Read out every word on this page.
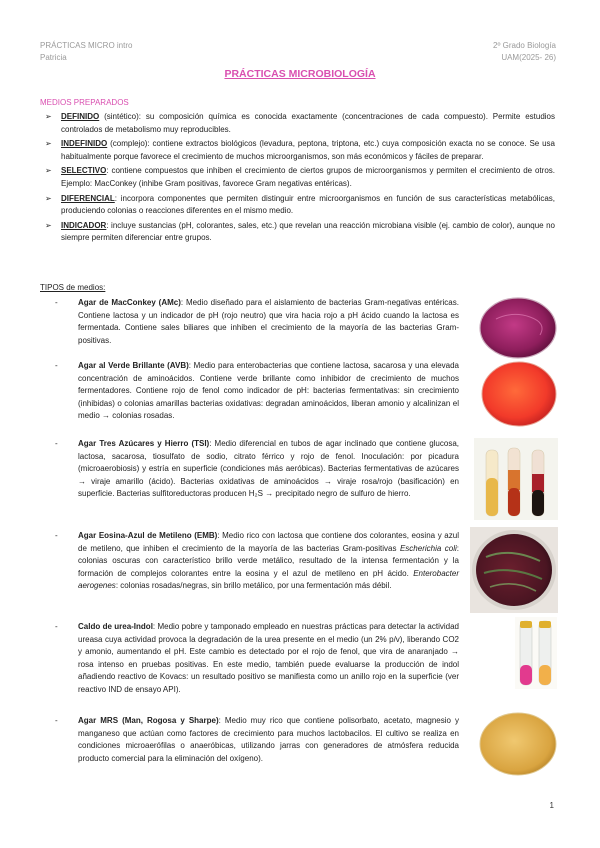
PRÁCTICAS MICRO intro
Patricia
2º Grado Biología
UAM(2025- 26)
PRÁCTICAS MICROBIOLOGÍA
MEDIOS PREPARADOS
➢ DEFINIDO (sintético): su composición química es conocida exactamente (concentraciones de cada compuesto). Permite estudios controlados de metabolismo muy reproducibles.
➢ INDEFINIDO (complejo): contiene extractos biológicos (levadura, peptona, triptona, etc.) cuya composición exacta no se conoce. Se usa habitualmente porque favorece el crecimiento de muchos microorganismos, son más económicos y fáciles de preparar.
➢ SELECTIVO: contiene compuestos que inhiben el crecimiento de ciertos grupos de microorganismos y permiten el crecimiento de otros. Ejemplo: MacConkey (inhibe Gram positivas, favorece Gram negativas entéricas).
➢ DIFERENCIAL: incorpora componentes que permiten distinguir entre microorganismos en función de sus características metabólicas, produciendo colonias o reacciones diferentes en el mismo medio.
➢ INDICADOR: incluye sustancias (pH, colorantes, sales, etc.) que revelan una reacción microbiana visible (ej. cambio de color), aunque no siempre permiten diferenciar entre grupos.
TIPOS de medios:
-	Agar de MacConkey (AMc): Medio diseñado para el aislamiento de bacterias Gram-negativas entéricas. Contiene lactosa y un indicador de pH (rojo neutro) que vira hacia rojo a pH ácido cuando la lactosa es fermentada. Contiene sales biliares que inhiben el crecimiento de la mayoría de las bacterias Gram- positivas.
-	Agar al Verde Brillante (AVB): Medio para enterobacterias que contiene lactosa, sacarosa y una elevada concentración de aminoácidos. Contiene verde brillante como inhibidor de crecimiento de muchos fermentadores. Contiene rojo de fenol como indicador de pH: bacterias fermentativas: sin crecimiento (inhibidas) o colonias amarillas bacterias oxidativas: degradan aminoácidos, liberan amonio y alcalinizan el medio → colonias rosadas.
-	Agar Tres Azúcares y Hierro (TSI): Medio diferencial en tubos de agar inclinado que contiene glucosa, lactosa, sacarosa, tiosulfato de sodio, citrato férrico y rojo de fenol. Inoculación: por picadura (microaerobiosis) y estría en superficie (condiciones más aeróbicas). Bacterias fermentativas de azúcares → viraje amarillo (ácido). Bacterias oxidativas de aminoácidos → viraje rosa/rojo (basificación) en superficie. Bacterias sulfitoreductoras producen H₂S → precipitado negro de sulfuro de hierro.
-	Agar Eosina-Azul de Metileno (EMB): Medio rico con lactosa que contiene dos colorantes, eosina y azul de metileno, que inhiben el crecimiento de la mayoría de las bacterias Gram-positivas Escherichia coli: colonias oscuras con característico brillo verde metálico, resultado de la intensa fermentación y la formación de complejos colorantes entre la eosina y el azul de metileno en pH ácido. Enterobacter aerogenes: colonias rosadas/negras, sin brillo metálico, por una fermentación más débil.
-	Caldo de urea-Indol: Medio pobre y tamponado empleado en nuestras prácticas para detectar la actividad ureasa cuya actividad provoca la degradación de la urea presente en el medio (un 2% p/v), liberando CO2 y amonio, aumentando el pH. Este cambio es detectado por el rojo de fenol, que vira de anaranjado → rosa intenso en pruebas positivas. En este medio, también puede evaluarse la producción de indol añadiendo reactivo de Kovacs: un resultado positivo se manifiesta como un anillo rojo en la superficie (ver reactivo IND de ensayo API).
-	Agar MRS (Man, Rogosa y Sharpe): Medio muy rico que contiene polisorbato, acetato, magnesio y manganeso que actúan como factores de crecimiento para muchos lactobacilos. El cultivo se realiza en condiciones microaerófilas o anaeróbicas, utilizando jarras con generadores de atmósfera reducida producto comercial para la eliminación del oxígeno).
1
